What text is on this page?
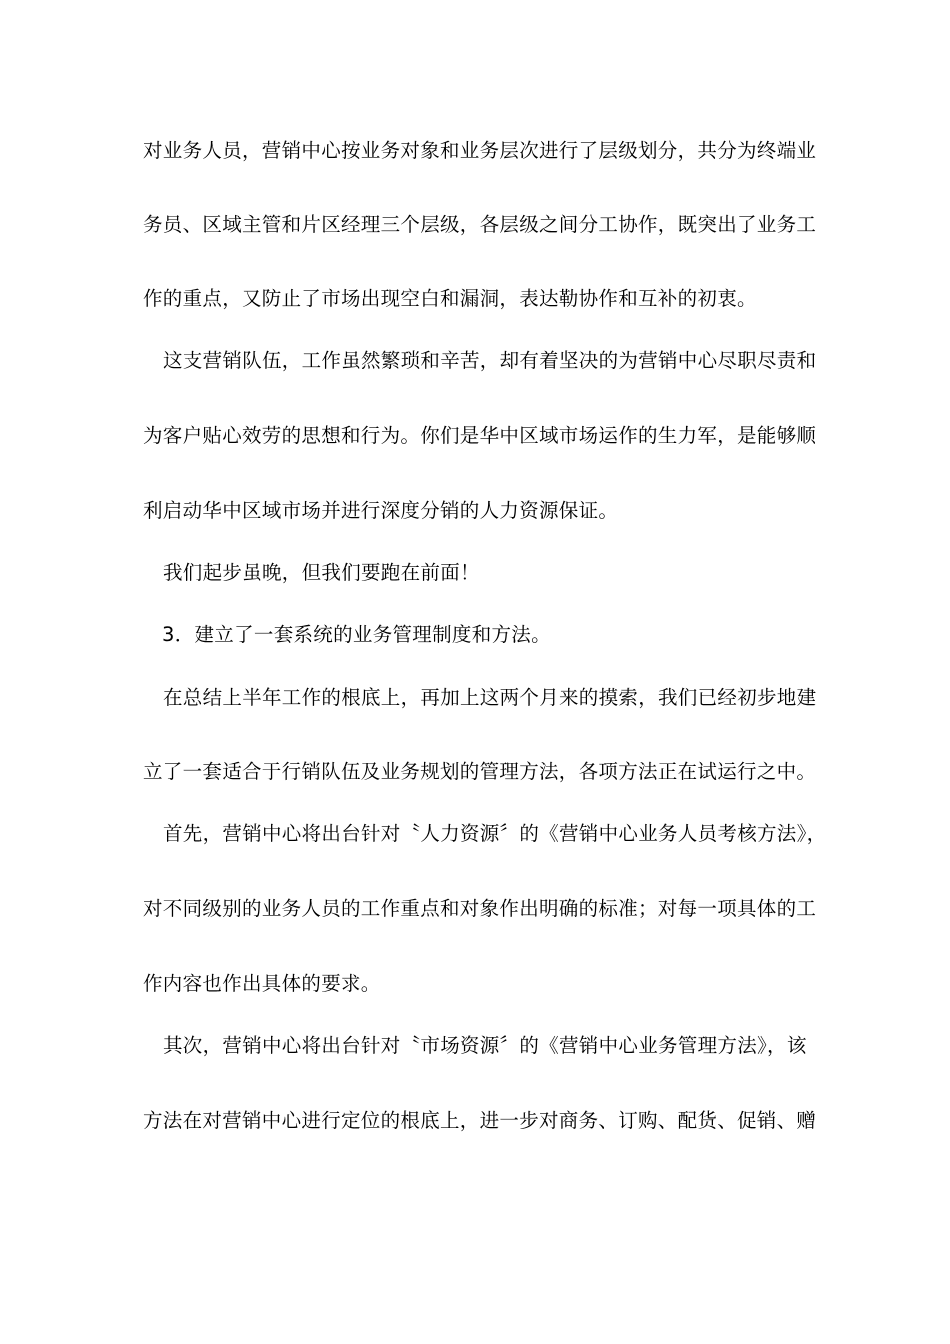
对业务人员，营销中心按业务对象和业务层次进行了层级划分，共分为终端业
务员、区域主管和片区经理三个层级，各层级之间分工协作，既突出了业务工
作的重点，又防止了市场出现空白和漏洞，表达勒协作和互补的初衷。
这支营销队伍，工作虽然繁琐和辛苦，却有着坚决的为营销中心尽职尽责和
为客户贴心效劳的思想和行为。你们是华中区域市场运作的生力军，是能够顺
利启动华中区域市场并进行深度分销的人力资源保证。
我们起步虽晚，但我们要跑在前面！
3．建立了一套系统的业务管理制度和方法。
在总结上半年工作的根底上，再加上这两个月来的摸索，我们已经初步地建
立了一套适合于行销队伍及业务规划的管理方法，各项方法正在试运行之中。
首先，营销中心将出台针对〝人力资源〞的《营销中心业务人员考核方法》，
对不同级别的业务人员的工作重点和对象作出明确的标准；对每一项具体的工
作内容也作出具体的要求。
其次，营销中心将出台针对〝市场资源〞的《营销中心业务管理方法》，该
方法在对营销中心进行定位的根底上，进一步对商务、订购、配货、促销、赠
